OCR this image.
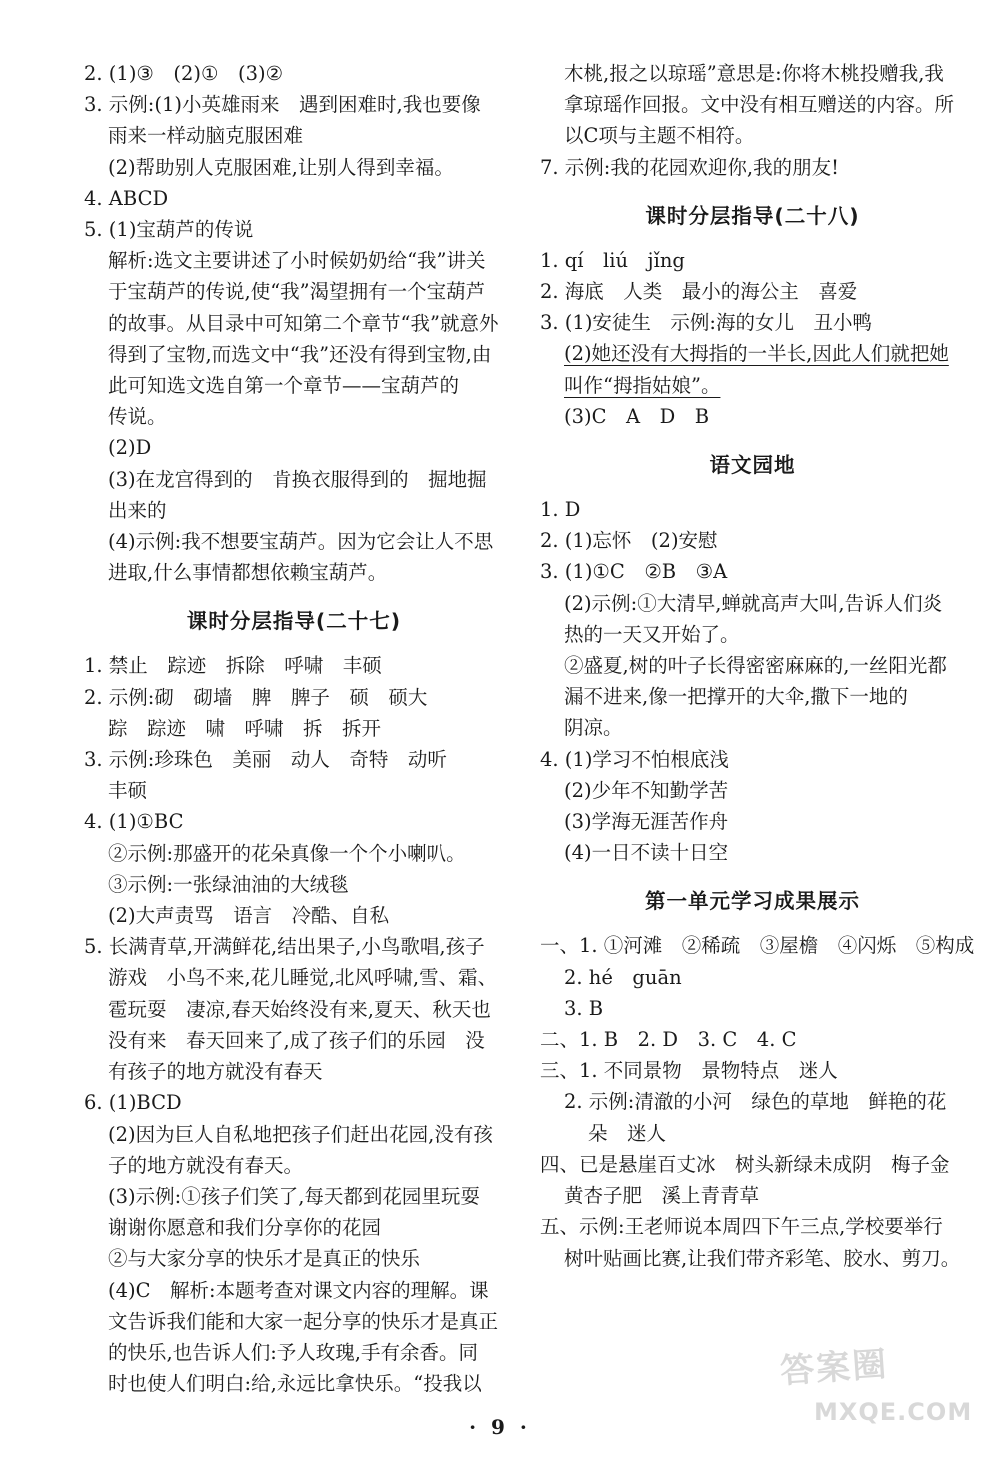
2. (1)③　(2)①　(3)②
3. 示例:(1)小英雄雨来　遇到困难时,我也要像
雨来一样动脑克服困难
(2)帮助别人克服困难,让别人得到幸福。
4. ABCD
5. (1)宝葫芦的传说
解析:选文主要讲述了小时候奶奶给“我”讲关
于宝葫芦的传说,使“我”渴望拥有一个宝葫芦
的故事。从目录中可知第二个章节“我”就意外
得到了宝物,而选文中“我”还没有得到宝物,由
此可知选文选自第一个章节——宝葫芦的
传说。
(2)D
(3)在龙宫得到的　肯换衣服得到的　掘地掘
出来的
(4)示例:我不想要宝葫芦。因为它会让人不思
进取,什么事情都想依赖宝葫芦。
课时分层指导(二十七)
1. 禁止　踪迹　拆除　呼啸　丰硕
2. 示例:砌　砌墙　脾　脾子　硕　硕大
踪　踪迹　啸　呼啸　拆　拆开
3. 示例:珍珠色　美丽　动人　奇特　动听
丰硕
4. (1)①BC
②示例:那盛开的花朵真像一个个小喇叭。
③示例:一张绿油油的大绒毯
(2)大声责骂　语言　冷酷、自私
5. 长满青草,开满鲜花,结出果子,小鸟歌唱,孩子
游戏　小鸟不来,花儿睡觉,北风呼啸,雪、霜、
雹玩耍　凄凉,春天始终没有来,夏天、秋天也
没有来　春天回来了,成了孩子们的乐园　没
有孩子的地方就没有春天
6. (1)BCD
(2)因为巨人自私地把孩子们赶出花园,没有孩
子的地方就没有春天。
(3)示例:①孩子们笑了,每天都到花园里玩耍
谢谢你愿意和我们分享你的花园
②与大家分享的快乐才是真正的快乐
(4)C　解析:本题考查对课文内容的理解。课
文告诉我们能和大家一起分享的快乐才是真正
的快乐,也告诉人们:予人玫瑰,手有余香。同
时也使人们明白:给,永远比拿快乐。“投我以
木桃,报之以琼瑶”意思是:你将木桃投赠我,我
拿琼瑶作回报。文中没有相互赠送的内容。所
以C项与主题不相符。
7. 示例:我的花园欢迎你,我的朋友!
课时分层指导(二十八)
1. qí　liú　jǐng
2. 海底　人类　最小的海公主　喜爱
3. (1)安徒生　示例:海的女儿　丑小鸭
(2)她还没有大拇指的一半长,因此人们就把她
叫作“拇指姑娘”。
(3)C　A　D　B
语文园地
1. D
2. (1)忘怀　(2)安慰
3. (1)①C　②B　③A
(2)示例:①大清早,蝉就高声大叫,告诉人们炎
热的一天又开始了。
②盛夏,树的叶子长得密密麻麻的,一丝阳光都
漏不进来,像一把撑开的大伞,撒下一地的
阴凉。
4. (1)学习不怕根底浅
(2)少年不知勤学苦
(3)学海无涯苦作舟
(4)一日不读十日空
第一单元学习成果展示
一、1. ①河滩　②稀疏　③屋檐　④闪烁　⑤构成
2. hé　guān
3. B
二、1. B　2. D　3. C　4. C
三、1. 不同景物　景物特点　迷人
2. 示例:清澈的小河　绿色的草地　鲜艳的花
朵　迷人
四、已是悬崖百丈冰　树头新绿未成阴　梅子金
黄杏子肥　溪上青青草
五、示例:王老师说本周四下午三点,学校要举行
树叶贴画比赛,让我们带齐彩笔、胶水、剪刀。
答案圈
MXQE.COM
· 9 ·
